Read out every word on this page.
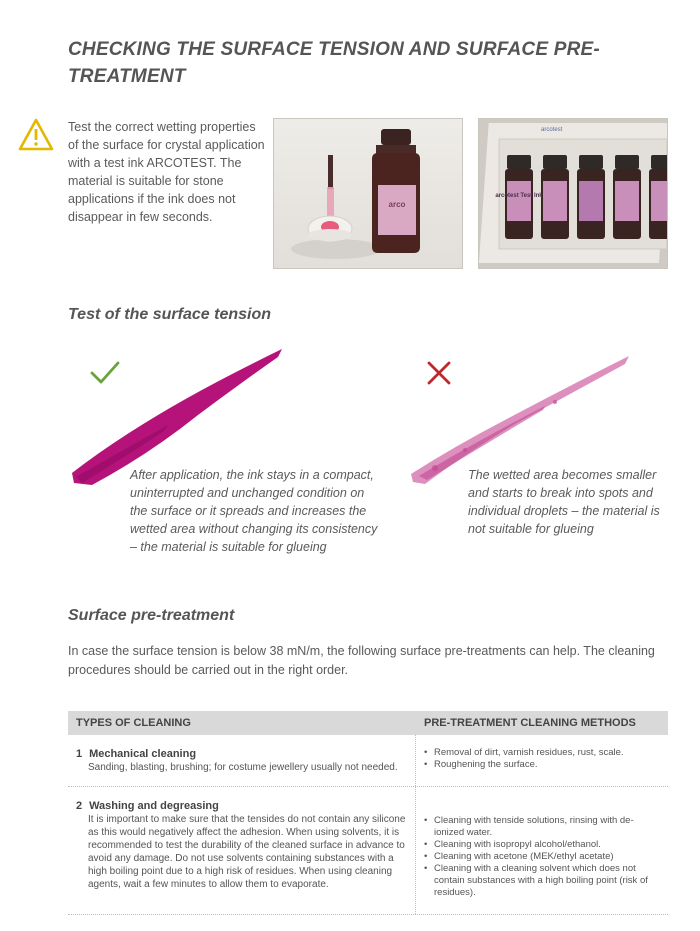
CHECKING THE SURFACE TENSION AND SURFACE PRE-TREATMENT
Test the correct wetting properties of the surface for crystal application with a test ink ARCOTEST. The material is suitable for stone applications if the ink does not disappear in few seconds.
arco
arcotest
arcotest Test Ink
Test of the surface tension
After application, the ink stays in a compact, uninterrupted and unchanged condition on the surface or it spreads and increases the wetted area without changing its consistency – the material is suitable for glueing
The wetted area becomes smaller and starts to break into spots and individual droplets – the material is not suitable for glueing
Surface pre-treatment
In case the surface tension is below 38 mN/m, the following surface pre-treatments can help. The cleaning procedures should be carried out in the right order.
TYPES OF CLEANING	PRE-TREATMENT CLEANING METHODS
1 Mechanical cleaning
Sanding, blasting, brushing; for costume jewellery usually not needed.
• Removal of dirt, varnish residues, rust, scale.
• Roughening the surface.
2 Washing and degreasing
It is important to make sure that the tensides do not contain any silicone as this would negatively affect the adhesion. When using solvents, it is recommended to test the durability of the cleaned surface in advance to avoid any damage. Do not use solvents containing substances with a high boiling point due to a high risk of residues. When using cleaning agents, wait a few minutes to allow them to evaporate.
• Cleaning with tenside solutions, rinsing with de-ionized water.
• Cleaning with isopropyl alcohol/ethanol.
• Cleaning with acetone (MEK/ethyl acetate)
• Cleaning with a cleaning solvent which does not contain substances with a high boiling point (risk of residues).
